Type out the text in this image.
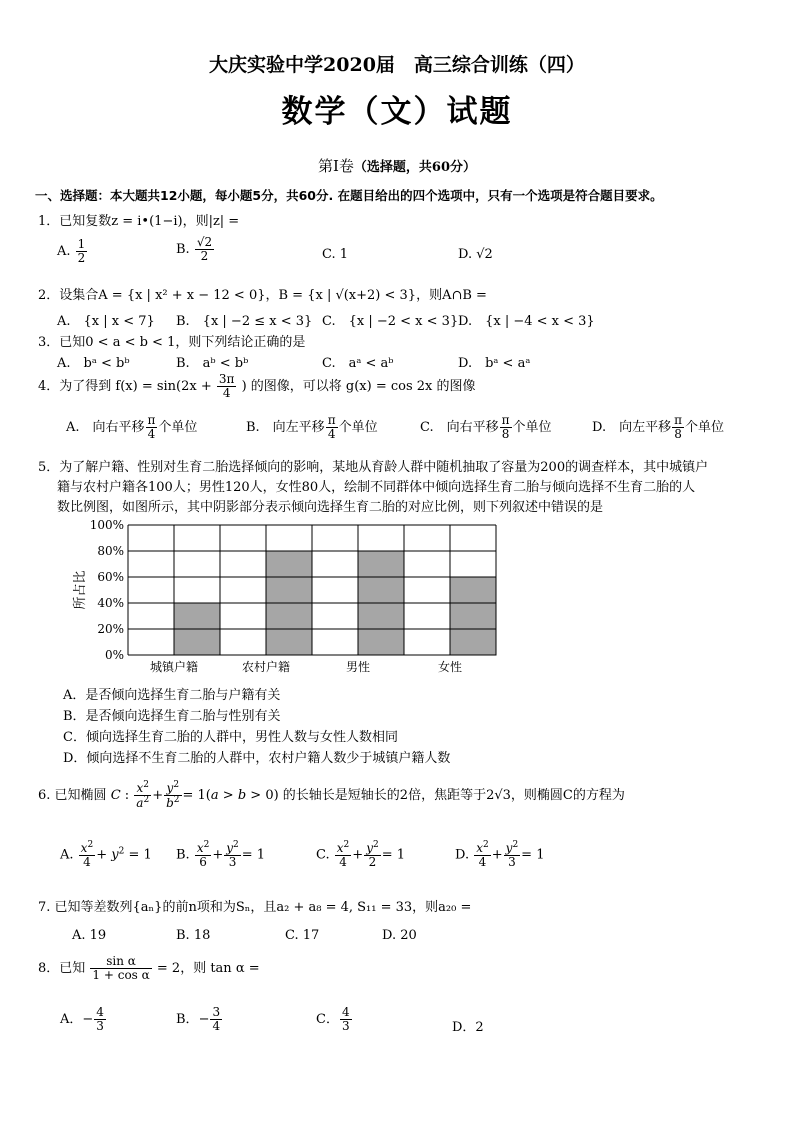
大庆实验中学2020届　高三综合训练（四）
数学（文）试题
第Ⅰ卷（选择题，共60分）
一、选择题：本大题共12小题，每小题5分，共60分. 在题目给出的四个选项中，只有一个选项是符合题目要求。
1．已知复数z = i•(1−i)，则|z| =
A. $\frac{1}{2}$	B. $\frac{√2}{2}$	C. 1	D. √2
2．设集合A = {x | x² + x − 12 < 0}，B = {x | √(x+2) < 3}，则A∩B =
A.　{x | x < 7} B.　{x | −2 ≤ x < 3} C.　{x | −2 < x < 3} D.　{x | −4 < x < 3}
3．已知0 < a < b < 1，则下列结论正确的是
A.　bᵃ < bᵇ	B.　aᵇ < bᵇ	C.　aᵃ < aᵇ	D.　bᵃ < aᵃ
4．为了得到 $f(x) = \sin(2x + \frac{3\pi}{4}$ ) 的图像，可以将 g(x) = cos 2x 的图像
A.　向右平移 $\frac{\pi}{4}$ 个单位	B.　向左平移 $\frac{\pi}{4}$ 个单位	C.　向右平移 $\frac{\pi}{8}$ 个单位	D.　向左平移 $\frac{\pi}{8}$ 个单位
5．为了解户籍、性别对生育二胎选择倾向的影响，某地从育龄人群中随机抽取了容量为200的调查样本，其中城镇户
籍与农村户籍各100人；男性120人，女性80人，绘制不同群体中倾向选择生育二胎与倾向选择不生育二胎的人
数比例图，如图所示，其中阴影部分表示倾向选择生育二胎的对应比例，则下列叙述中错误的是
城镇户籍	农村户籍	男性	女性
0%
20%
40%
60%
80%
100%
所占比
A．是否倾向选择生育二胎与户籍有关
B．是否倾向选择生育二胎与性别有关
C．倾向选择生育二胎的人群中，男性人数与女性人数相同
D．倾向选择不生育二胎的人群中，农村户籍人数少于城镇户籍人数
6. 已知椭圆 C : $\frac{x^2}{a^2} + \frac{y^2}{b^2} = 1(a > b > 0)$ 的长轴长是短轴长的2倍，焦距等于2√3，则椭圆C的方程为
A. $\frac{x^2}{4} + y^2 = 1$ B. $\frac{x^2}{6} + \frac{y^2}{3} = 1$	C. $\frac{x^2}{4} + \frac{y^2}{2} = 1$	D. $\frac{x^2}{4} + \frac{y^2}{3} = 1$
7. 已知等差数列{aₙ}的前n项和为Sₙ，且a₂ + a₈ = 4, S₁₁ = 33，则a₂₀ =
A. 19	B. 18	C. 17	D. 20
8．已知 $\frac{\text{sin α}}{\text{1 + cos α}} = 2$，则 tan α =
A．− $\frac{4}{3}$	B．− $\frac{3}{4}$	C． $\frac{4}{3}$	D．2
